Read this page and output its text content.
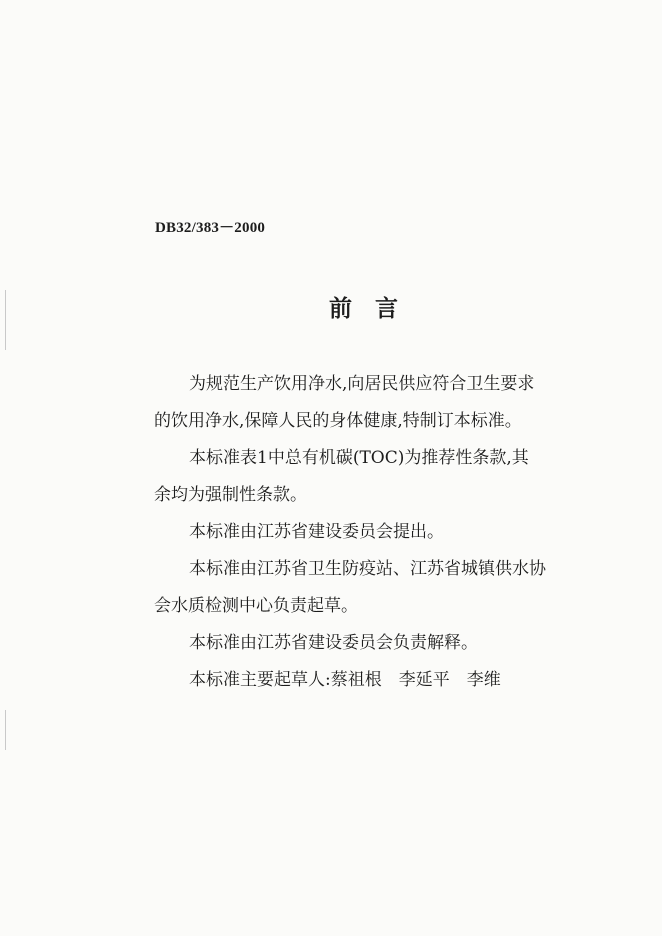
DB32/383－2000
前　言
为规范生产饮用净水,向居民供应符合卫生要求
的饮用净水,保障人民的身体健康,特制订本标准。
本标准表1中总有机碳(TOC)为推荐性条款,其
余均为强制性条款。
本标准由江苏省建设委员会提出。
本标准由江苏省卫生防疫站、江苏省城镇供水协
会水质检测中心负责起草。
本标准由江苏省建设委员会负责解释。
本标准主要起草人:蔡祖根　李延平　李维
